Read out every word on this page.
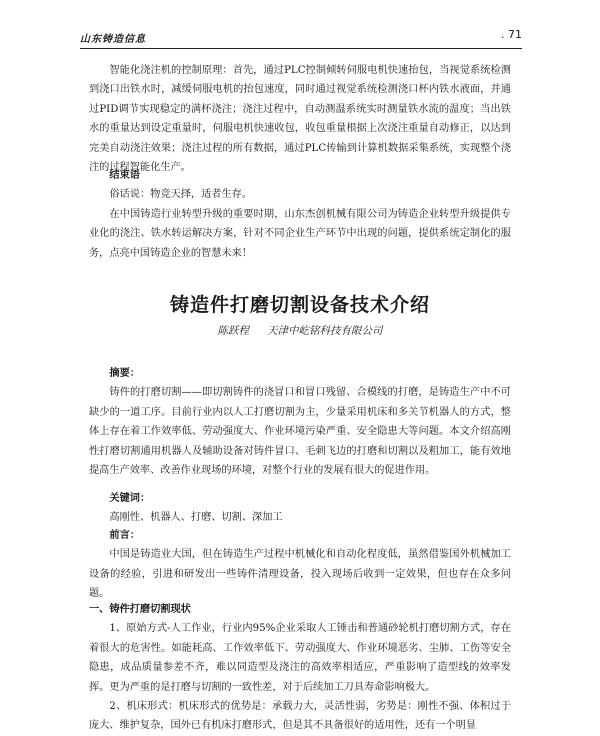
山东铸造信息
.	71

智能化浇注机的控制原理：首先，通过PLC控制倾转伺服电机快速抬包，当视觉系统检测到浇口出铁水时，减缓伺服电机的抬包速度，同时通过视觉系统检测浇口杯内铁水液面，并通过PID调节实现稳定的满杯浇注；浇注过程中，自动测温系统实时测量铁水流的温度；当出铁水的重量达到设定重量时，伺服电机快速收包，收包重量根据上次浇注重量自动修正，以达到完美自动浇注效果；浇注过程的所有数据，通过PLC传输到计算机数据采集系统，实现整个浇注的过程智能化生产。

结束语

俗话说：物竞天择，适者生存。

在中国铸造行业转型升级的重要时期，山东杰创机械有限公司为铸造企业转型升级提供专业化的浇注、铁水转运解决方案，针对不同企业生产环节中出现的问题，提供系统定制化的服务，点亮中国铸造企业的智慧未来！

铸造件打磨切割设备技术介绍
陈跃程 天津中屹铭科技有限公司
摘要：

铸件的打磨切割——即切割铸件的浇冒口和冒口残留、合模线的打磨，是铸造生产中不可缺少的一道工序。目前行业内以人工打磨切割为主，少量采用机床和多关节机器人的方式，整体上存在着工作效率低、劳动强度大、作业环境污染严重、安全隐患大等问题。本文介绍高刚性打磨切割通用机器人及辅助设备对铸件冒口、毛刺飞边的打磨和切割以及粗加工，能有效地提高生产效率、改善作业现场的环境，对整个行业的发展有很大的促进作用。

关键词：

高刚性、机器人、打磨、切割、深加工

前言：

中国是铸造业大国，但在铸造生产过程中机械化和自动化程度低，虽然借鉴国外机械加工设备的经验，引进和研发出一些铸件清理设备，投入现场后收到一定效果，但也存在众多问题。

一、铸件打磨切割现状

1、原始方式-人工作业，行业内95%企业采取人工锤击和普通砂轮机打磨切割方式，存在着很大的危害性。如能耗高、工作效率低下、劳动强度大、作业环境恶劣、尘肺、工伤等安全隐患，成品质量参差不齐，难以同造型及浇注的高效率相适应，严重影响了造型线的效率发挥。更为严重的是打磨与切割的一致性差，对于后续加工刀具寿命影响极大。

2、机床形式：机床形式的优势是：承载力大，灵活性弱，劣势是：刚性不强、体积过于庞大、维护复杂，国外已有机床打磨形式，但是其不具备很好的适用性，还有一个明显
